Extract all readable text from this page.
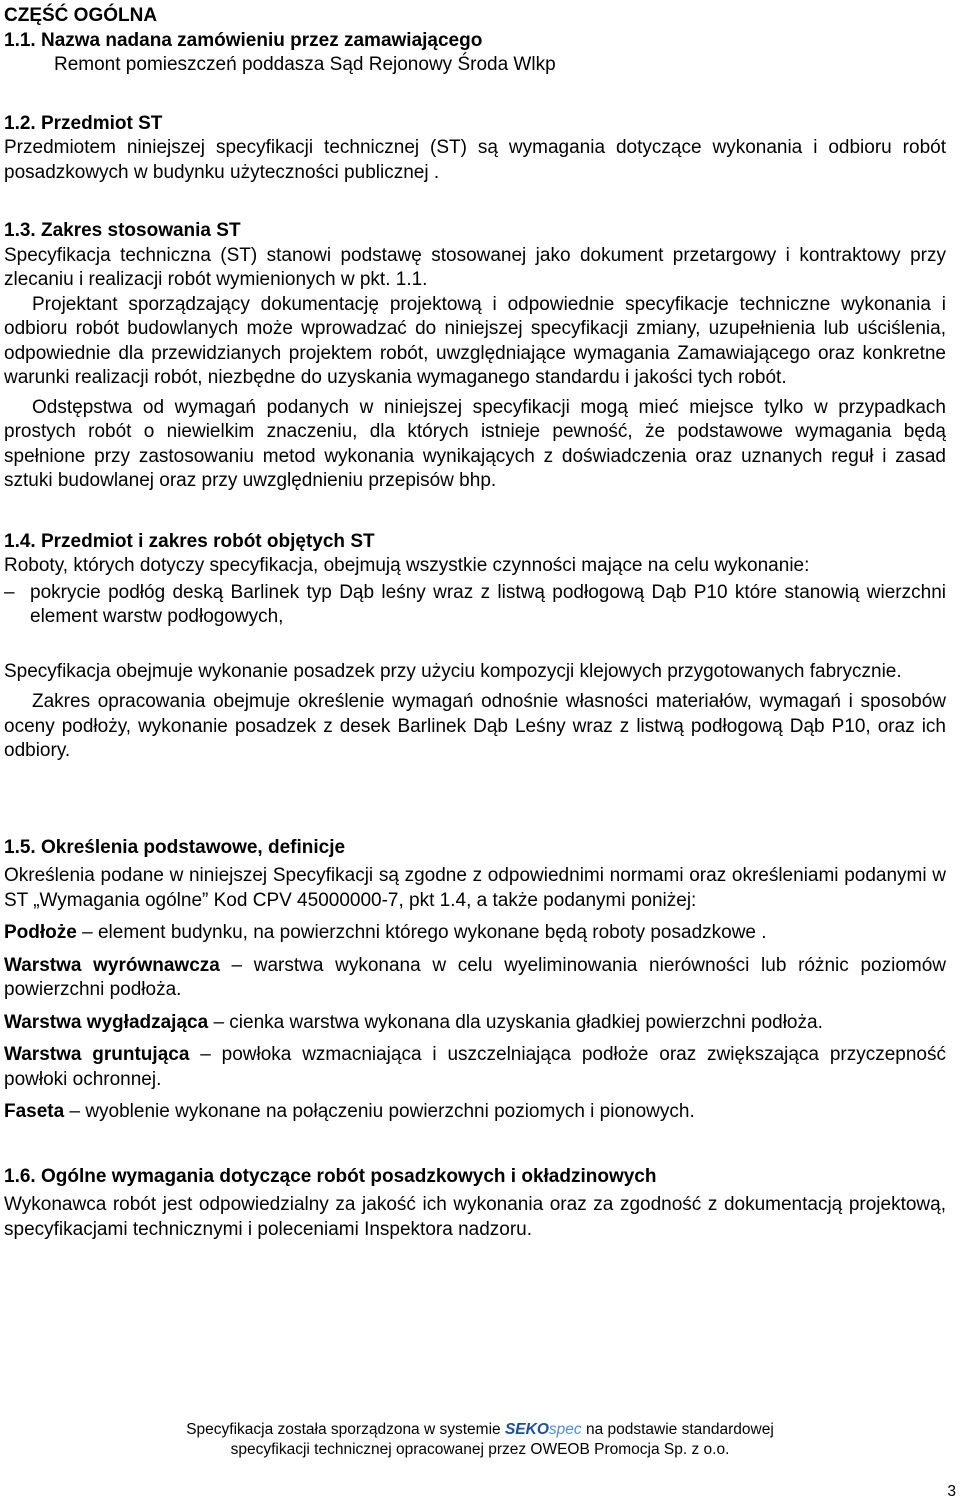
CZĘŚĆ OGÓLNA
1.1. Nazwa nadana zamówieniu przez zamawiającego

Remont pomieszczeń poddasza Sąd Rejonowy Środa Wlkp

1.2. Przedmiot ST

Przedmiotem niniejszej specyfikacji technicznej (ST) są wymagania dotyczące wykonania i odbioru robót posadzkowych w budynku użyteczności publicznej .

1.3. Zakres stosowania ST

Specyfikacja techniczna (ST) stanowi podstawę stosowanej jako dokument przetargowy i kontraktowy przy zlecaniu i realizacji robót wymienionych w pkt. 1.1.

Projektant sporządzający dokumentację projektową i odpowiednie specyfikacje techniczne wykonania i odbioru robót budowlanych może wprowadzać do niniejszej specyfikacji zmiany, uzupełnienia lub uściślenia, odpowiednie dla przewidzianych projektem robót, uwzględniające wymagania Zamawiającego oraz konkretne warunki realizacji robót, niezbędne do uzyskania wymaganego standardu i jakości tych robót.

Odstępstwa od wymagań podanych w niniejszej specyfikacji mogą mieć miejsce tylko w przypadkach prostych robót o niewielkim znaczeniu, dla których istnieje pewność, że podstawowe wymagania będą spełnione przy zastosowaniu metod wykonania wynikających z doświadczenia oraz uznanych reguł i zasad sztuki budowlanej oraz przy uwzględnieniu przepisów bhp.

1.4. Przedmiot i zakres robót objętych ST

Roboty, których dotyczy specyfikacja, obejmują wszystkie czynności mające na celu wykonanie:

– pokrycie podłóg deską Barlinek typ Dąb leśny wraz z listwą podłogową Dąb P10 które stanowią wierzchni element warstw podłogowych,

Specyfikacja obejmuje wykonanie posadzek przy użyciu kompozycji klejowych przygotowanych fabrycznie.

Zakres opracowania obejmuje określenie wymagań odnośnie własności materiałów, wymagań i sposobów oceny podłoży, wykonanie posadzek z desek Barlinek Dąb Leśny wraz z listwą podłogową Dąb P10, oraz ich odbiory.

1.5. Określenia podstawowe, definicje

Określenia podane w niniejszej Specyfikacji są zgodne z odpowiednimi normami oraz określeniami podanymi w ST „Wymagania ogólne” Kod CPV 45000000-7, pkt 1.4, a także podanymi poniżej:

Podłoże – element budynku, na powierzchni którego wykonane będą roboty posadzkowe .

Warstwa wyrównawcza – warstwa wykonana w celu wyeliminowania nierówności lub różnic poziomów powierzchni podłoża.

Warstwa wygładzająca – cienka warstwa wykonana dla uzyskania gładkiej powierzchni podłoża.

Warstwa gruntująca – powłoka wzmacniająca i uszczelniająca podłoże oraz zwiększająca przyczepność powłoki ochronnej.

Faseta – wyoblenie wykonane na połączeniu powierzchni poziomych i pionowych.

1.6. Ogólne wymagania dotyczące robót posadzkowych i okładzinowych

Wykonawca robót jest odpowiedzialny za jakość ich wykonania oraz za zgodność z dokumentacją projektową, specyfikacjami technicznymi i poleceniami Inspektora nadzoru.

Specyfikacja została sporządzona w systemie SEKOspec na podstawie standardowej
specyfikacji technicznej opracowanej przez OWEOB Promocja Sp. z o.o.
3
